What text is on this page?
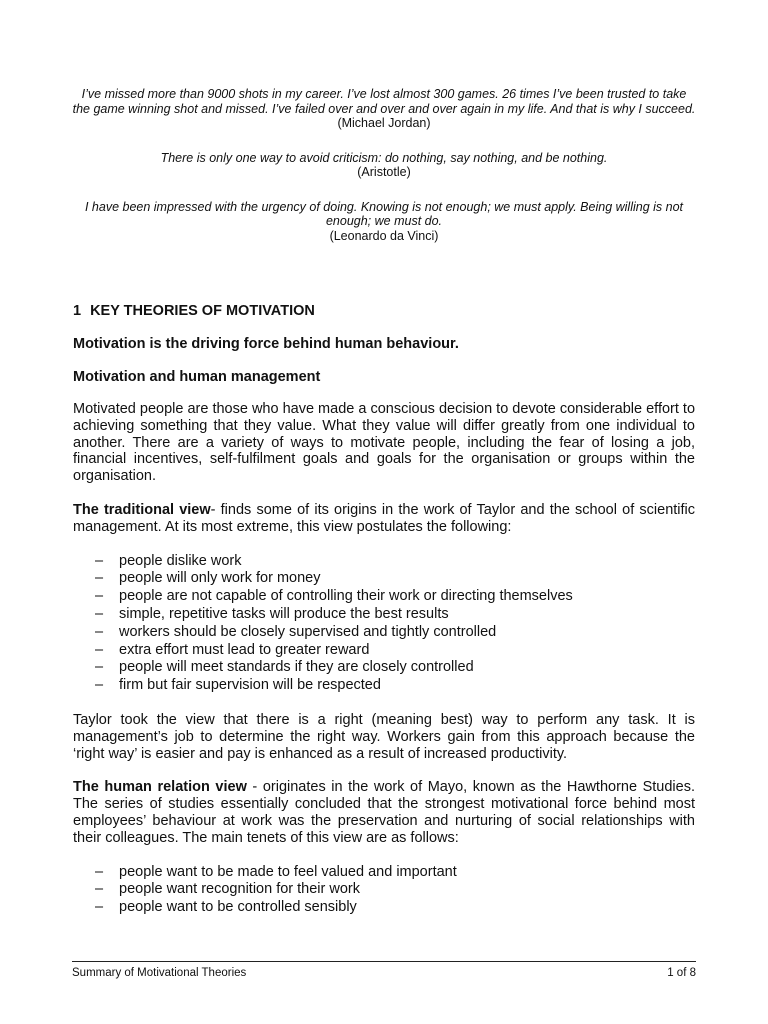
I’ve missed more than 9000 shots in my career. I’ve lost almost 300 games. 26 times I’ve been trusted to take the game winning shot and missed. I’ve failed over and over and over again in my life. And that is why I succeed.

(Michael Jordan)

There is only one way to avoid criticism: do nothing, say nothing, and be nothing.

(Aristotle)

I have been impressed with the urgency of doing. Knowing is not enough; we must apply. Being willing is not enough; we must do.

(Leonardo da Vinci)

1 KEY THEORIES OF MOTIVATION

Motivation is the driving force behind human behaviour.

Motivation and human management

Motivated people are those who have made a conscious decision to devote considerable effort to achieving something that they value. What they value will differ greatly from one individual to another. There are a variety of ways to motivate people, including the fear of losing a job, financial incentives, self-fulfilment goals and goals for the organisation or groups within the organisation.

The traditional view- finds some of its origins in the work of Taylor and the school of scientific management. At its most extreme, this view postulates the following:

– people dislike work
– people will only work for money
– people are not capable of controlling their work or directing themselves
– simple, repetitive tasks will produce the best results
– workers should be closely supervised and tightly controlled
– extra effort must lead to greater reward
– people will meet standards if they are closely controlled
– firm but fair supervision will be respected

Taylor took the view that there is a right (meaning best) way to perform any task. It is management’s job to determine the right way. Workers gain from this approach because the ‘right way’ is easier and pay is enhanced as a result of increased productivity.

The human relation view - originates in the work of Mayo, known as the Hawthorne Studies. The series of studies essentially concluded that the strongest motivational force behind most employees’ behaviour at work was the preservation and nurturing of social relationships with their colleagues. The main tenets of this view are as follows:

– people want to be made to feel valued and important
– people want recognition for their work
– people want to be controlled sensibly
Summary of Motivational Theories	1 of 8
